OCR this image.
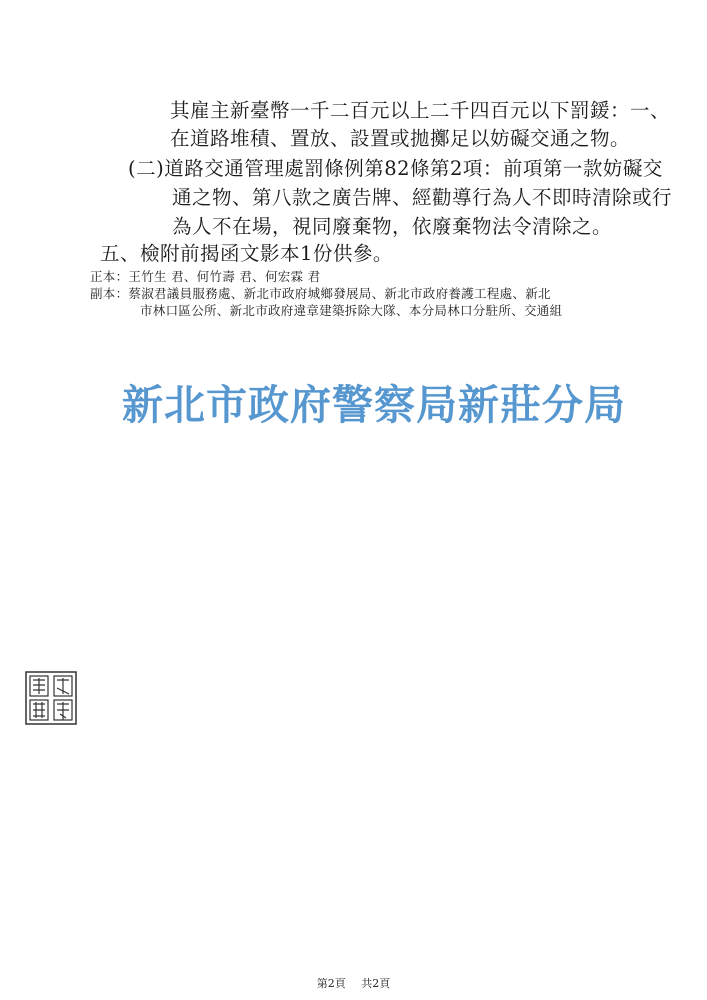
其雇主新臺幣一千二百元以上二千四百元以下罰鍰：一、
在道路堆積、置放、設置或拋擲足以妨礙交通之物。
(二)道路交通管理處罰條例第82條第2項：前項第一款妨礙交
通之物、第八款之廣告牌、經勸導行為人不即時清除或行
為人不在場，視同廢棄物，依廢棄物法令清除之。
五、檢附前揭函文影本1份供參。
正本：王竹生 君、何竹壽 君、何宏霖 君
副本：蔡淑君議員服務處、新北市政府城鄉發展局、新北市政府養護工程處、新北
市林口區公所、新北市政府違章建築拆除大隊、本分局林口分駐所、交通組
新北市政府警察局新莊分局
第2頁 共2頁
